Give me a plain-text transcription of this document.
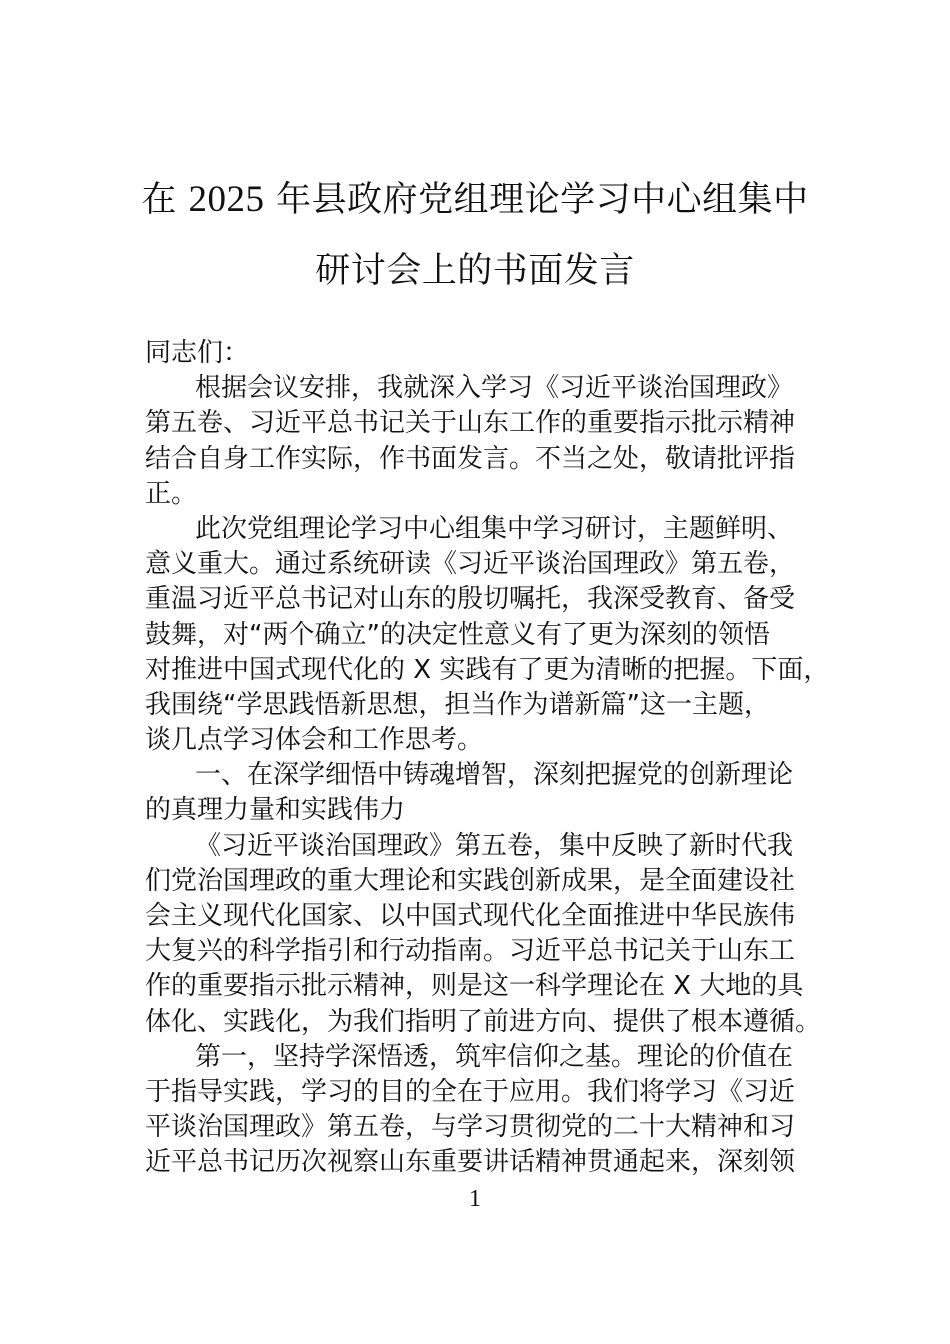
在 2025 年县政府党组理论学习中心组集中
研讨会上的书面发言
同志们：
根据会议安排，我就深入学习《习近平谈治国理政》
第五卷、习近平总书记关于山东工作的重要指示批示精神
结合自身工作实际，作书面发言。不当之处，敬请批评指
正。
此次党组理论学习中心组集中学习研讨，主题鲜明、
意义重大。通过系统研读《习近平谈治国理政》第五卷，
重温习近平总书记对山东的殷切嘱托，我深受教育、备受
鼓舞，对“两个确立”的决定性意义有了更为深刻的领悟
对推进中国式现代化的 X 实践有了更为清晰的把握。下面，
我围绕“学思践悟新思想，担当作为谱新篇”这一主题，
谈几点学习体会和工作思考。
一、在深学细悟中铸魂增智，深刻把握党的创新理论
的真理力量和实践伟力
《习近平谈治国理政》第五卷，集中反映了新时代我
们党治国理政的重大理论和实践创新成果，是全面建设社
会主义现代化国家、以中国式现代化全面推进中华民族伟
大复兴的科学指引和行动指南。习近平总书记关于山东工
作的重要指示批示精神，则是这一科学理论在 X 大地的具
体化、实践化，为我们指明了前进方向、提供了根本遵循。
第一，坚持学深悟透，筑牢信仰之基。理论的价值在
于指导实践，学习的目的全在于应用。我们将学习《习近
平谈治国理政》第五卷，与学习贯彻党的二十大精神和习
近平总书记历次视察山东重要讲话精神贯通起来，深刻领
1
